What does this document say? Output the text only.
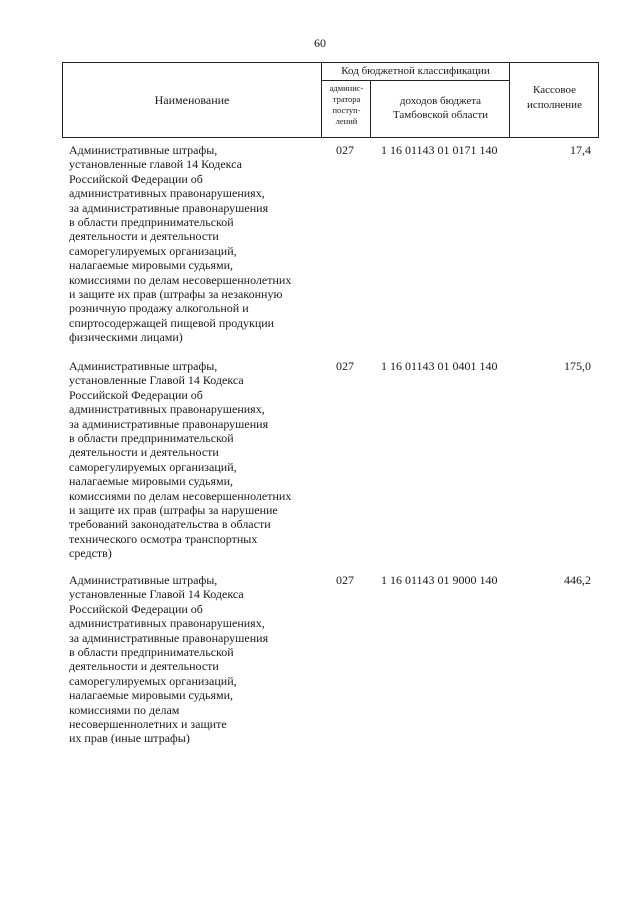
60
Наименование
Код бюджетной классификации
админис-
тратора
поступ-
лений
доходов бюджета
Тамбовской области
Кассовое
исполнение
Административные штрафы,
установленные главой 14 Кодекса
Российской Федерации об
административных правонарушениях,
за административные правонарушения
в области предпринимательской
деятельности и деятельности
саморегулируемых организаций,
налагаемые мировыми судьями,
комиссиями по делам несовершеннолетних
и защите их прав (штрафы за незаконную
розничную продажу алкогольной и
спиртосодержащей пищевой продукции
физическими лицами)
027 1 16 01143 01 0171 140	17,4
Административные штрафы,
установленные Главой 14 Кодекса
Российской Федерации об
административных правонарушениях,
за административные правонарушения
в области предпринимательской
деятельности и деятельности
саморегулируемых организаций,
налагаемые мировыми судьями,
комиссиями по делам несовершеннолетних
и защите их прав (штрафы за нарушение
требований законодательства в области
технического осмотра транспортных
средств)
027 1 16 01143 01 0401 140	175,0
Административные штрафы,
установленные Главой 14 Кодекса
Российской Федерации об
административных правонарушениях,
за административные правонарушения
в области предпринимательской
деятельности и деятельности
саморегулируемых организаций,
налагаемые мировыми судьями,
комиссиями по делам
несовершеннолетних и защите
их прав (иные штрафы)
027 1 16 01143 01 9000 140	446,2
